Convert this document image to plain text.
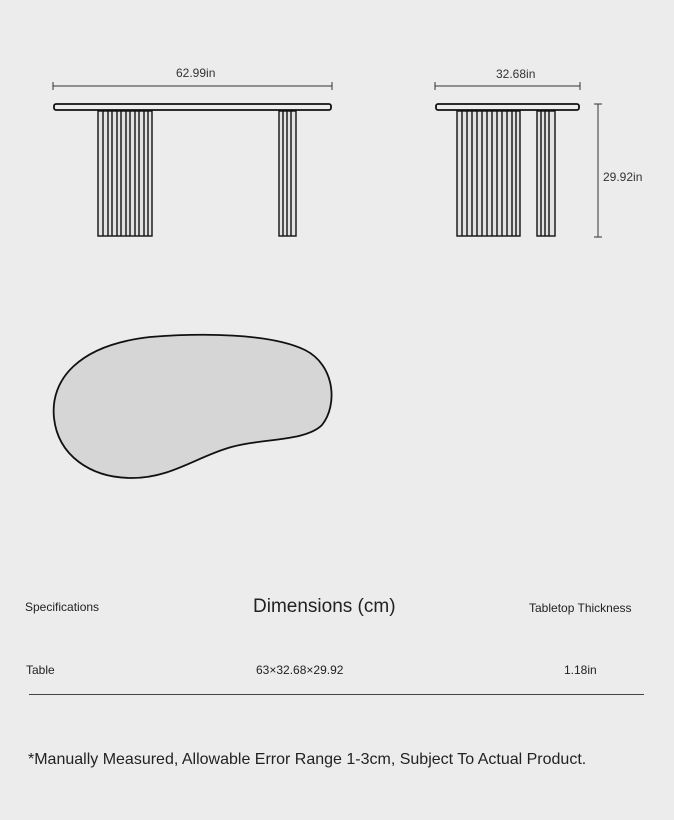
62.99in	32.68in
29.92in
Specifications	Dimensions (cm)	Tabletop Thickness
Table	63×32.68×29.92	1.18in
*Manually Measured, Allowable Error Range 1-3cm, Subject To Actual Product.
